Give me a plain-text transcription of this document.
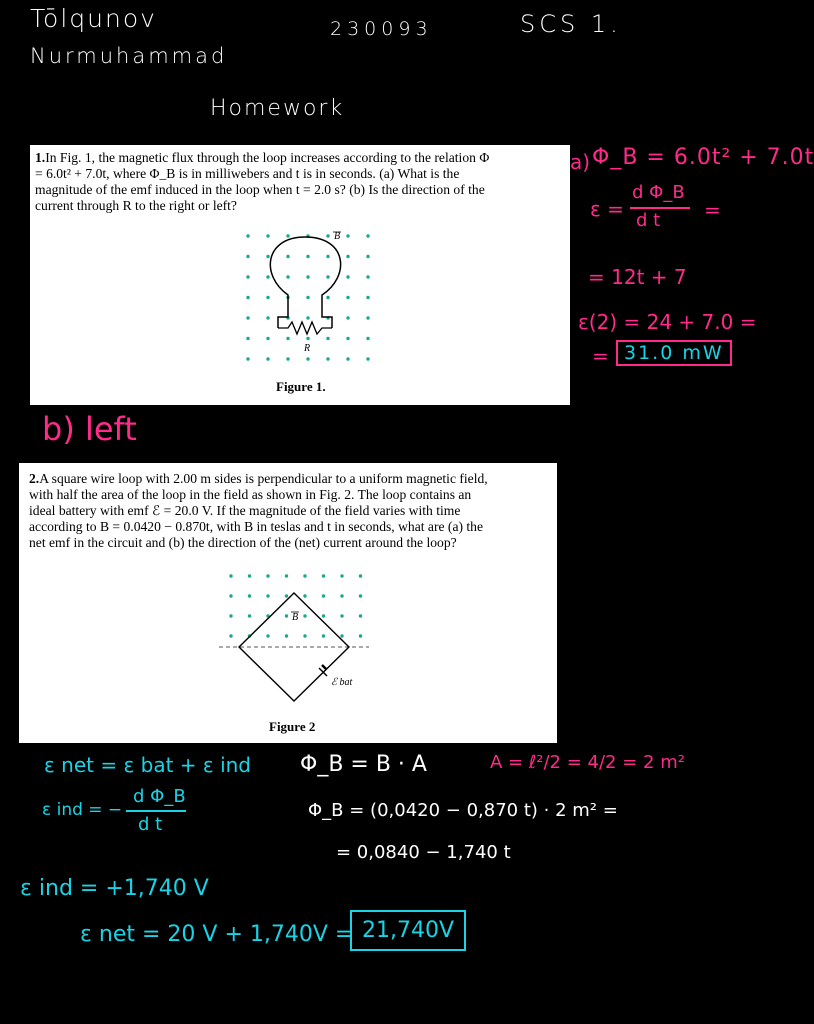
Tōlqunov
Nurmuhammad
230093	SCS 1.
Homework
1.In Fig. 1, the magnetic flux through the loop increases according to the relation Φ
= 6.0t² + 7.0t, where Φ_B is in milliwebers and t is in seconds. (a) What is the
magnitude of the emf induced in the loop when t = 2.0 s? (b) Is the direction of the
current through R to the right or left?
B
R
Figure 1.
a) Φ_B = 6.0t² + 7.0t
ε =
d Φ_B
d t =
= 12t + 7
ε(2) = 24 + 7.0 =
= 31.0 mW
b) left
2.A square wire loop with 2.00 m sides is perpendicular to a uniform magnetic field,
with half the area of the loop in the field as shown in Fig. 2. The loop contains an
ideal battery with emf ℰ = 20.0 V. If the magnitude of the field varies with time
according to B = 0.0420 − 0.870t, with B in teslas and t in seconds, what are (a) the
net emf in the circuit and (b) the direction of the (net) current around the loop?
B
ℰ bat
Figure 2
ε net = ε bat + ε ind
ε ind = −
d Φ_B
d t
Φ_B = B · A	A = ℓ²/2 = 4/2 = 2 m²
Φ_B = (0,0420 − 0,870 t) · 2 m² =
= 0,0840 − 1,740 t
ε ind = +1,740 V
ε net = 20 V + 1,740V = 21,740V
